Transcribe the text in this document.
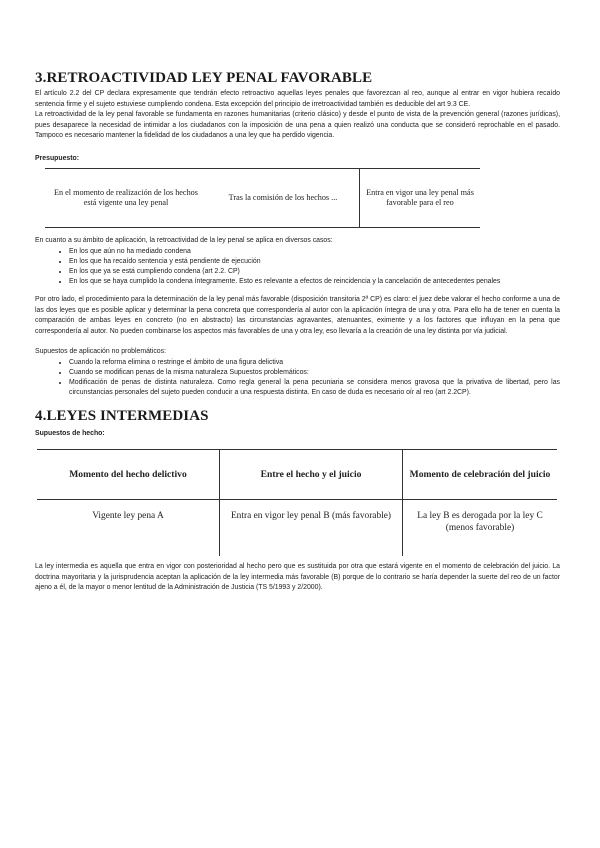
3.RETROACTIVIDAD LEY PENAL FAVORABLE

El artículo 2.2 del CP declara expresamente que tendrán efecto retroactivo aquellas leyes penales que favorezcan al reo, aunque al entrar en vigor hubiera recaído sentencia firme y el sujeto estuviese cumpliendo condena. Esta excepción del principio de irretroactividad también es deducible del art 9.3 CE.

La retroactividad de la ley penal favorable se fundamenta en razones humanitarias (criterio clásico) y desde el punto de vista de la prevención general (razones jurídicas), pues desaparece la necesidad de intimidar a los ciudadanos con la imposición de una pena a quien realizó una conducta que se consideró reprochable en el pasado. Tampoco es necesario mantener la fidelidad de los ciudadanos a una ley que ha perdido vigencia.

Presupuesto:

En el momento de realización de los hechos está vigente una ley penal	Tras la comisión de los hechos ...	Entra en vigor una ley penal más favorable para el reo

En cuanto a su ámbito de aplicación, la retroactividad de la ley penal se aplica en diversos casos:

• En los que aún no ha mediado condena
• En los que ha recaído sentencia y está pendiente de ejecución
• En los que ya se está cumpliendo condena (art 2.2. CP)
• En los que se haya cumplido la condena íntegramente. Esto es relevante a efectos de reincidencia y la cancelación de antecedentes penales

Por otro lado, el procedimiento para la determinación de la ley penal más favorable (disposición transitoria 2ª CP) es claro: el juez debe valorar el hecho conforme a una de las dos leyes que es posible aplicar y determinar la pena concreta que correspondería al autor con la aplicación íntegra de una y otra. Para ello ha de tener en cuenta la comparación de ambas leyes en concreto (no en abstracto) las circunstancias agravantes, atenuantes, eximente y a los factores que influyan en la pena que correspondería al autor. No pueden combinarse los aspectos más favorables de una y otra ley, eso llevaría a la creación de una ley distinta por vía judicial.

Supuestos de aplicación no problemáticos:

• Cuando la reforma elimina o restringe el ámbito de una figura delictiva
• Cuando se modifican penas de la misma naturaleza Supuestos problemáticos:
• Modificación de penas de distinta naturaleza. Como regla general la pena pecuniaria se considera menos gravosa que la privativa de libertad, pero las circunstancias personales del sujeto pueden conducir a una respuesta distinta. En caso de duda es necesario oír al reo (art 2.2CP).
4.LEYES INTERMEDIAS

Supuestos de hecho:

Momento del hecho delictivo	Entre el hecho y el juicio	Momento de celebración del juicio
Vigente ley pena A	Entra en vigor ley penal B (más favorable)	La ley B es derogada por la ley C (menos favorable)

La ley intermedia es aquella que entra en vigor con posterioridad al hecho pero que es sustituida por otra que estará vigente en el momento de celebración del juicio. La doctrina mayoritaria y la jurisprudencia aceptan la aplicación de la ley intermedia más favorable (B) porque de lo contrario se haría depender la suerte del reo de un factor ajeno a él, de la mayor o menor lentitud de la Administración de Justicia (TS 5/1993 y 2/2000).
